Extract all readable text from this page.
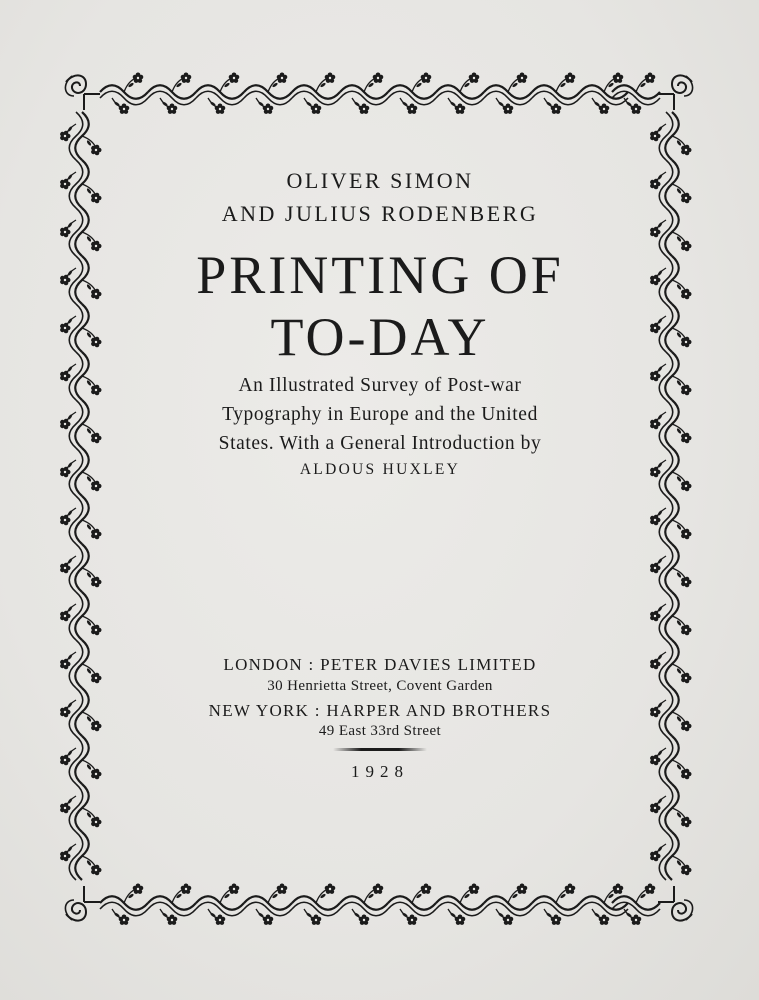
OLIVER SIMON
AND JULIUS RODENBERG
PRINTING OF
TO-DAY
An Illustrated Survey of Post-war
Typography in Europe and the United
States. With a General Introduction by
ALDOUS HUXLEY
LONDON : PETER DAVIES LIMITED
30 Henrietta Street, Covent Garden
NEW YORK : HARPER AND BROTHERS
49 East 33rd Street
1928
